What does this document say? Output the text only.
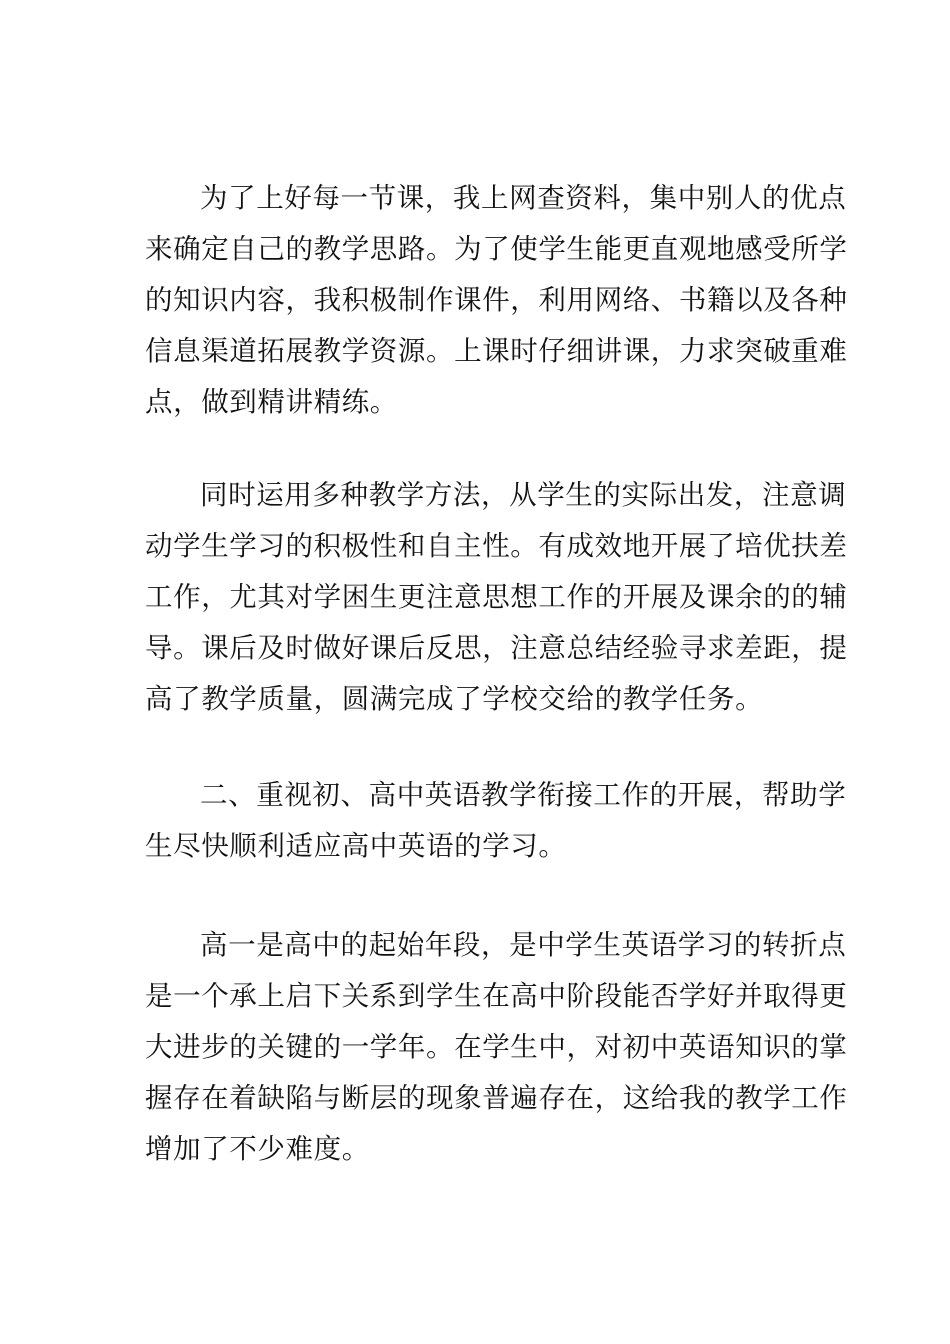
为了上好每一节课，我上网查资料，集中别人的优点
来确定自己的教学思路。为了使学生能更直观地感受所学
的知识内容，我积极制作课件，利用网络、书籍以及各种
信息渠道拓展教学资源。上课时仔细讲课，力求突破重难
点，做到精讲精练。
同时运用多种教学方法，从学生的实际出发，注意调
动学生学习的积极性和自主性。有成效地开展了培优扶差
工作，尤其对学困生更注意思想工作的开展及课余的的辅
导。课后及时做好课后反思，注意总结经验寻求差距，提
高了教学质量，圆满完成了学校交给的教学任务。
二、重视初、高中英语教学衔接工作的开展，帮助学
生尽快顺利适应高中英语的学习。
高一是高中的起始年段，是中学生英语学习的转折点
是一个承上启下关系到学生在高中阶段能否学好并取得更
大进步的关键的一学年。在学生中，对初中英语知识的掌
握存在着缺陷与断层的现象普遍存在，这给我的教学工作
增加了不少难度。
